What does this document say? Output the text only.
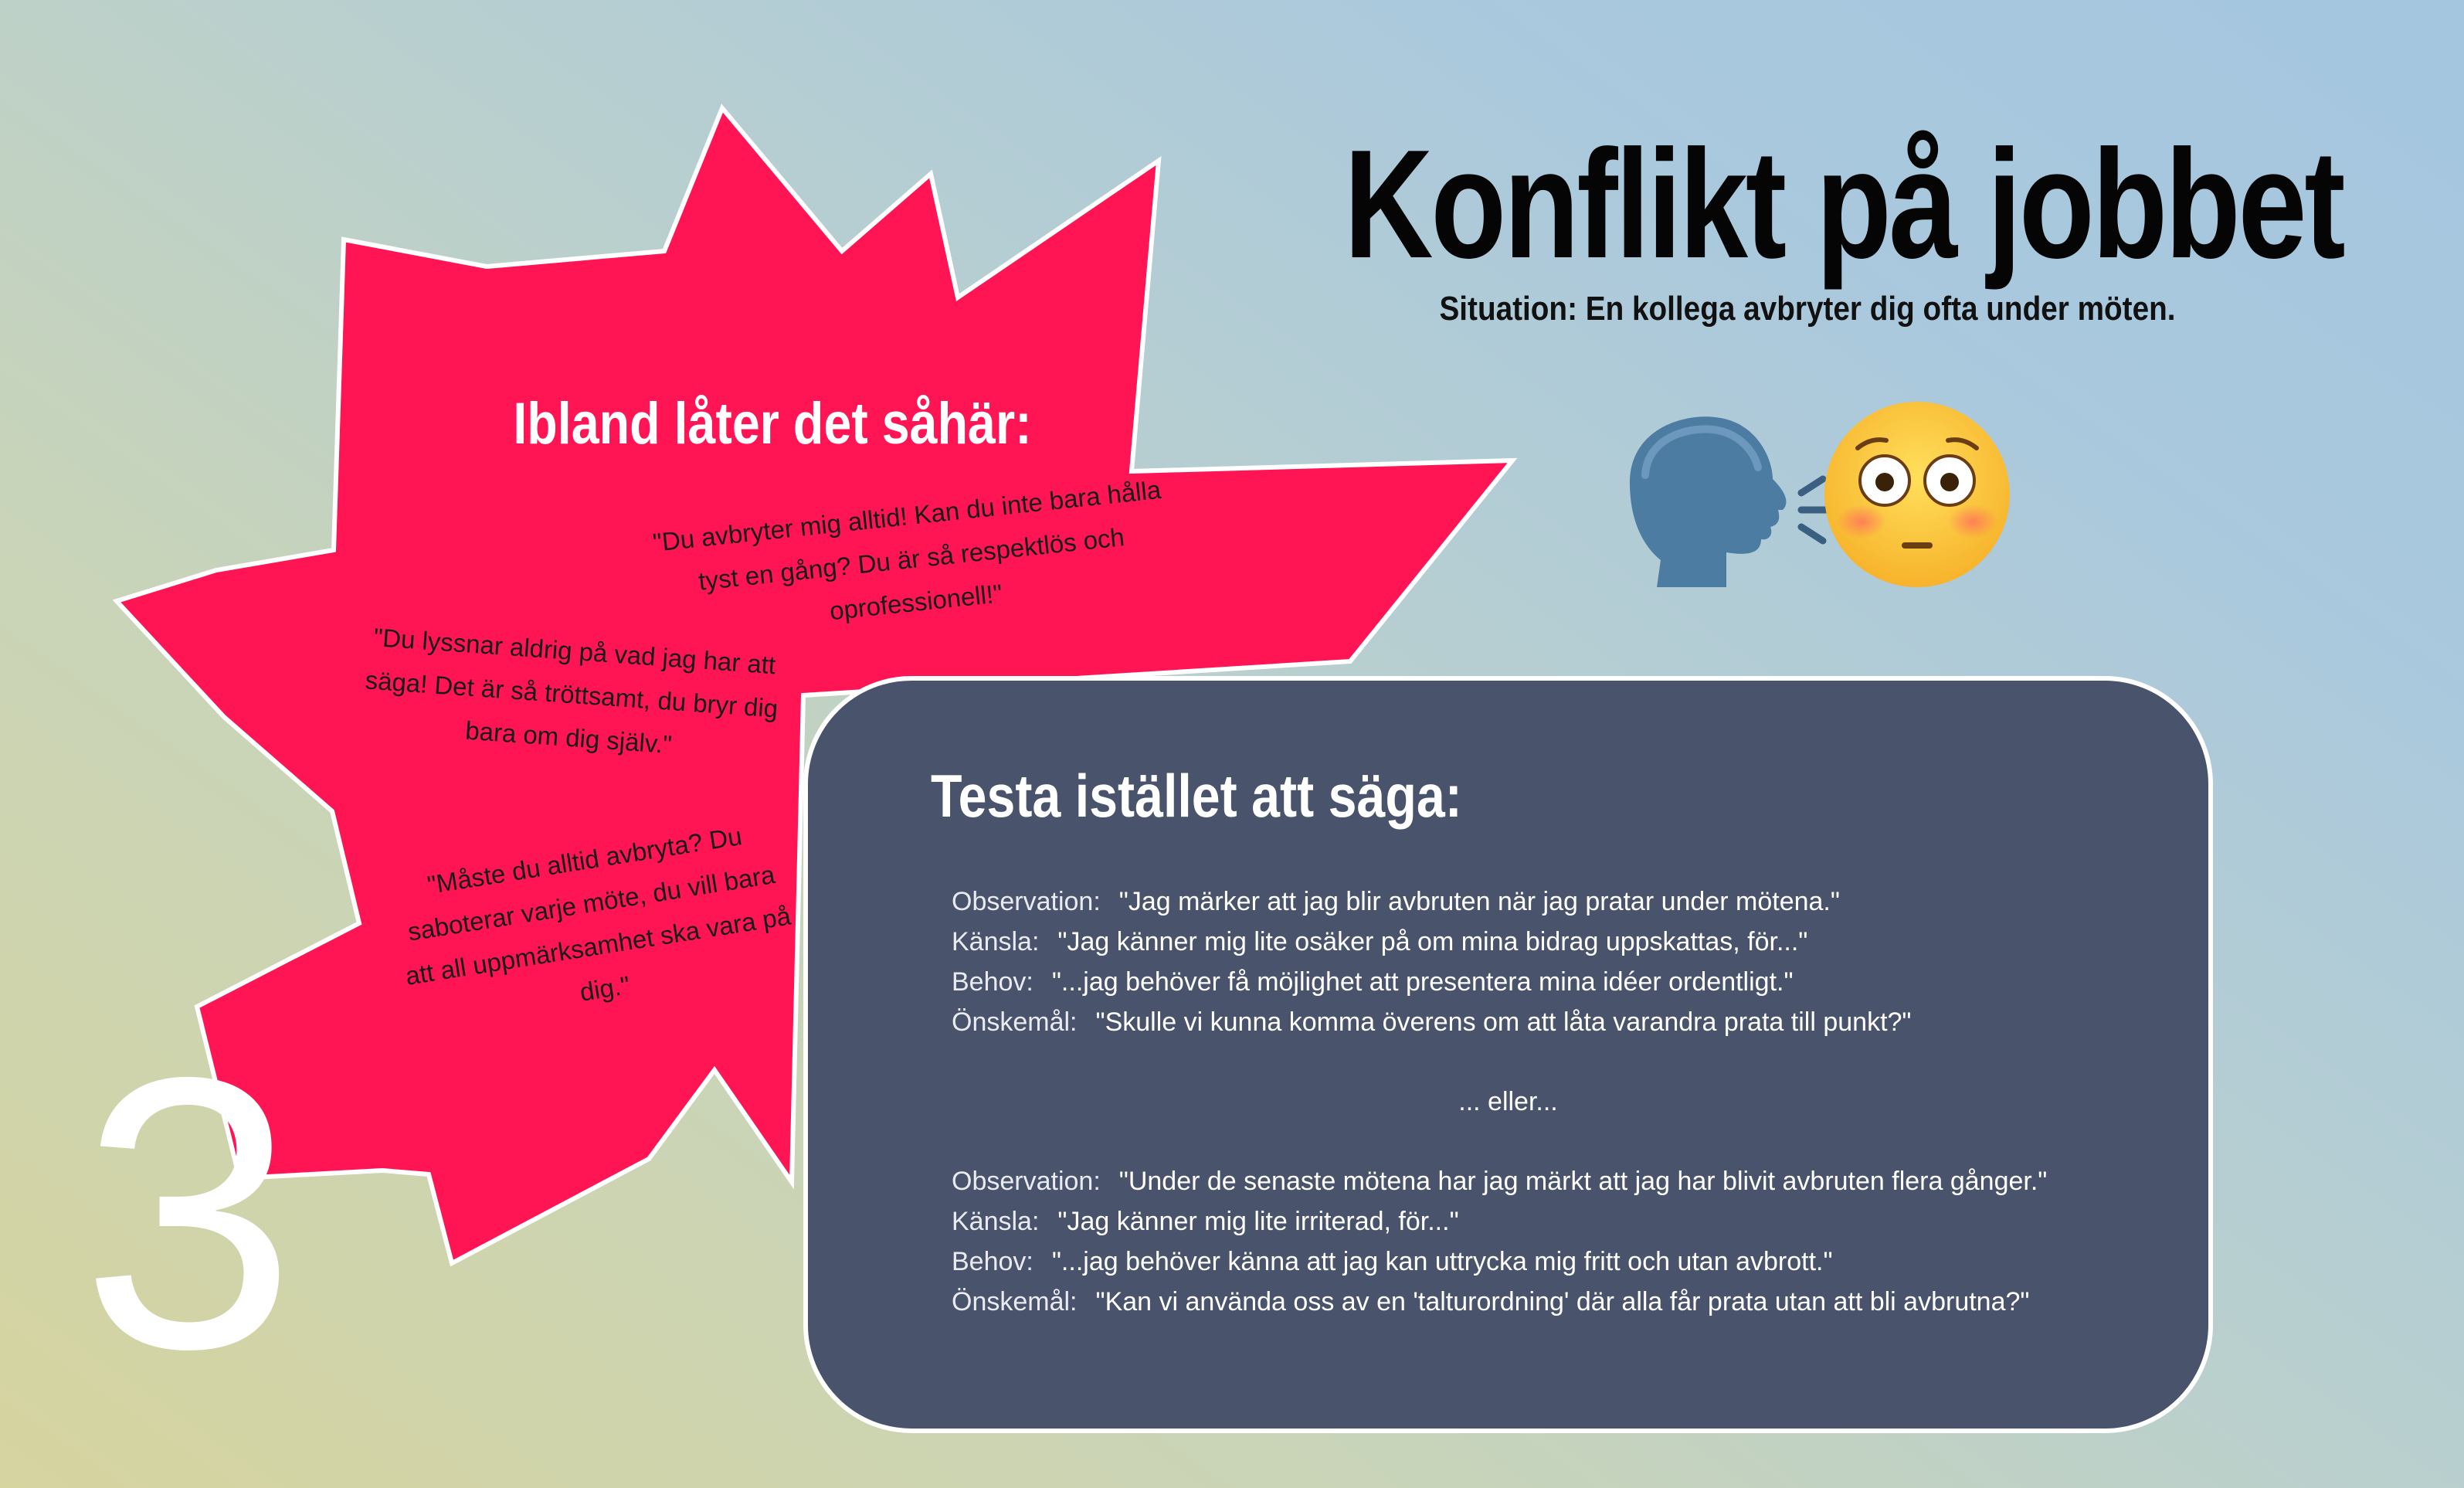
Konflikt på jobbet
Situation: En kollega avbryter dig ofta under möten.
Ibland låter det såhär:
"Du avbryter mig alltid! Kan du inte bara hålla tyst en gång? Du är så respektlös och oprofessionell!"
"Du lyssnar aldrig på vad jag har att säga! Det är så tröttsamt, du bryr dig bara om dig själv."
"Måste du alltid avbryta? Du saboterar varje möte, du vill bara att all uppmärksamhet ska vara på dig."
3
Testa istället att säga:
Observation: "Jag märker att jag blir avbruten när jag pratar under mötena."
Känsla: "Jag känner mig lite osäker på om mina bidrag uppskattas, för..."
Behov: "...jag behöver få möjlighet att presentera mina idéer ordentligt."
Önskemål: "Skulle vi kunna komma överens om att låta varandra prata till punkt?"
... eller...
Observation: "Under de senaste mötena har jag märkt att jag har blivit avbruten flera gånger."
Känsla: "Jag känner mig lite irriterad, för..."
Behov: "...jag behöver känna att jag kan uttrycka mig fritt och utan avbrott."
Önskemål: "Kan vi använda oss av en 'talturordning' där alla får prata utan att bli avbrutna?"
